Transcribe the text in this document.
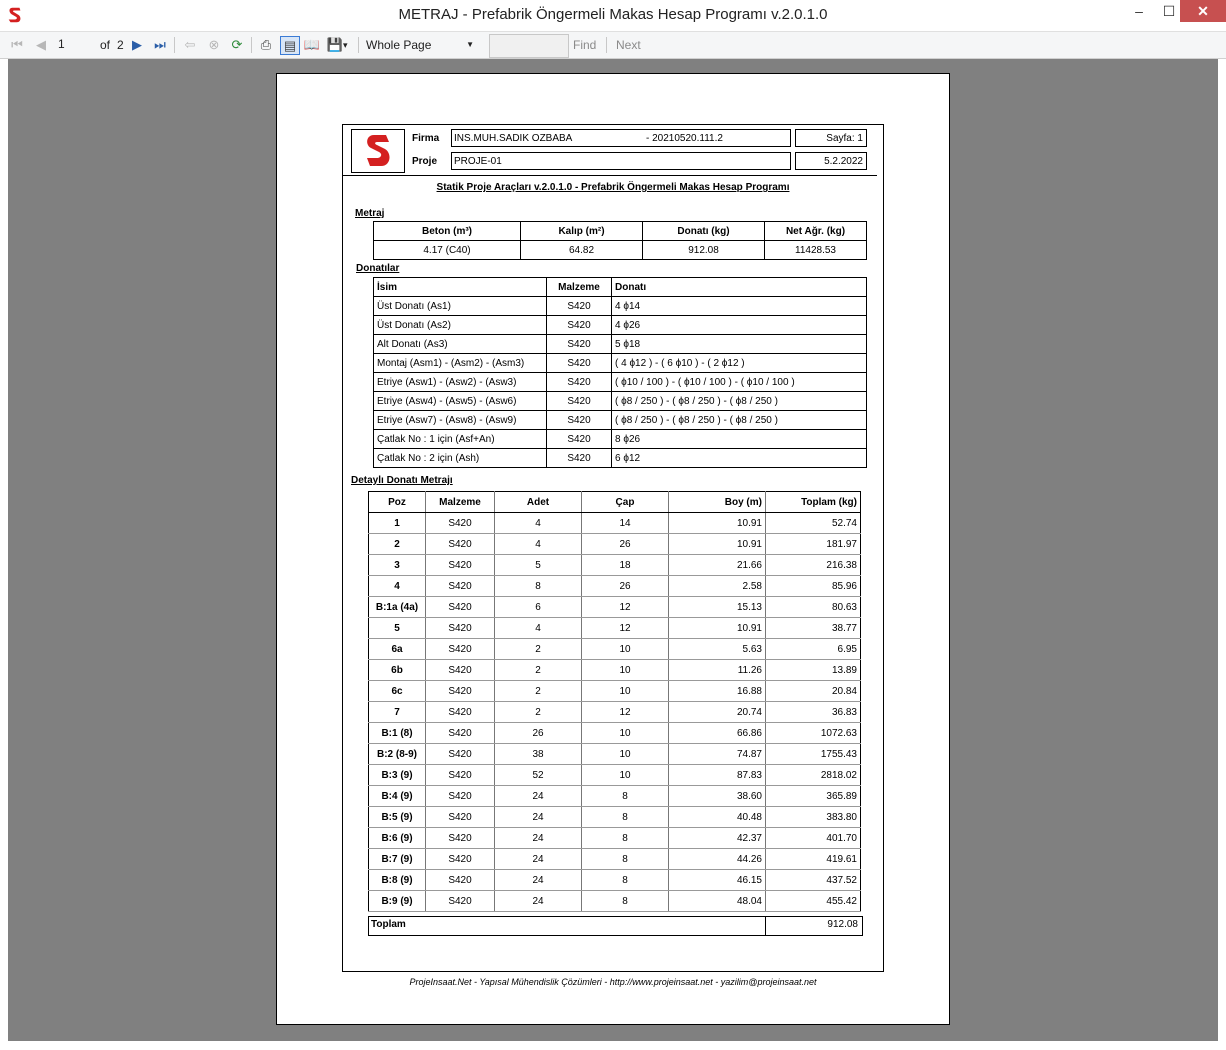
METRAJ - Prefabrik Öngermeli Makas Hesap Programı v.2.0.1.0	–	☐	✕
⏮	◀
1	of 2 ▶ ⏭ ⇦ ⊗ ⟳ ⎙ ▤ 📖 💾 ▾ Whole Page	▼	Find Next
Firma	INS.MUH.SADIK OZBABA	- 20210520.111.2	Sayfa: 1
Proje	PROJE-01	5.2.2022
Statik Proje Araçları v.2.0.1.0 - Prefabrik Öngermeli Makas Hesap Programı
Metraj
Beton (m³)	Kalıp (m²)	Donatı (kg)	Net Ağr. (kg)
4.17 (C40)	64.82	912.08	11428.53
Donatılar
İsim	Malzeme	Donatı
Üst Donatı (As1)	S420	4 ϕ14
Üst Donatı (As2)	S420	4 ϕ26
Alt Donatı (As3)	S420	5 ϕ18
Montaj (Asm1) - (Asm2) - (Asm3)	S420	( 4 ϕ12 ) - ( 6 ϕ10 ) - ( 2 ϕ12 )
Etriye (Asw1) - (Asw2) - (Asw3)	S420	( ϕ10 / 100 ) - ( ϕ10 / 100 ) - ( ϕ10 / 100 )
Etriye (Asw4) - (Asw5) - (Asw6)	S420	( ϕ8 / 250 ) - ( ϕ8 / 250 ) - ( ϕ8 / 250 )
Etriye (Asw7) - (Asw8) - (Asw9)	S420	( ϕ8 / 250 ) - ( ϕ8 / 250 ) - ( ϕ8 / 250 )
Çatlak No : 1 için (Asf+An)	S420	8 ϕ26
Çatlak No : 2 için (Ash)	S420	6 ϕ12
Detaylı Donatı Metrajı
Poz	Malzeme	Adet	Çap	Boy (m)	Toplam (kg)
1	S420	4	14	10.91	52.74
2	S420	4	26	10.91	181.97
3	S420	5	18	21.66	216.38
4	S420	8	26	2.58	85.96
B:1a (4a)	S420	6	12	15.13	80.63
5	S420	4	12	10.91	38.77
6a	S420	2	10	5.63	6.95
6b	S420	2	10	11.26	13.89
6c	S420	2	10	16.88	20.84
7	S420	2	12	20.74	36.83
B:1 (8)	S420	26	10	66.86	1072.63
B:2 (8-9)	S420	38	10	74.87	1755.43
B:3 (9)	S420	52	10	87.83	2818.02
B:4 (9)	S420	24	8	38.60	365.89
B:5 (9)	S420	24	8	40.48	383.80
B:6 (9)	S420	24	8	42.37	401.70
B:7 (9)	S420	24	8	44.26	419.61
B:8 (9)	S420	24	8	46.15	437.52
B:9 (9)	S420	24	8	48.04	455.42
Toplam	912.08
ProjeInsaat.Net - Yapısal Mühendislik Çözümleri - http://www.projeinsaat.net - yazilim@projeinsaat.net
